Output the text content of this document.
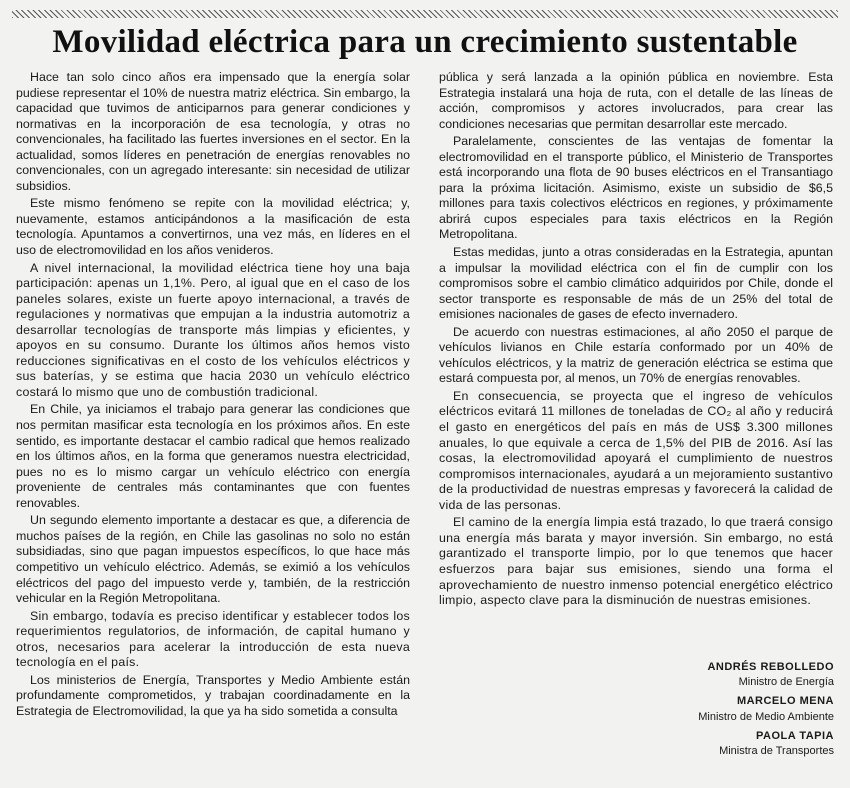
Movilidad eléctrica para un crecimiento sustentable

Hace tan solo cinco años era impensado que la energía solar pudiese representar el 10% de nuestra matriz eléctrica. Sin embargo, la capacidad que tuvimos de anticiparnos para generar condiciones y normativas en la incorporación de esa tecnología, y otras no convencionales, ha facilitado las fuertes inversiones en el sector. En la actualidad, somos líderes en penetración de energías renovables no convencionales, con un agregado interesante: sin necesidad de utilizar subsidios.

Este mismo fenómeno se repite con la movilidad eléctrica; y, nuevamente, estamos anticipándonos a la masificación de esta tecnología. Apuntamos a convertirnos, una vez más, en líderes en el uso de electromovilidad en los años venideros.

A nivel internacional, la movilidad eléctrica tiene hoy una baja participación: apenas un 1,1%. Pero, al igual que en el caso de los paneles solares, existe un fuerte apoyo internacional, a través de regulaciones y normativas que empujan a la industria automotriz a desarrollar tecnologías de transporte más limpias y eficientes, y apoyos en su consumo. Durante los últimos años hemos visto reducciones significativas en el costo de los vehículos eléctricos y sus baterías, y se estima que hacia 2030 un vehículo eléctrico costará lo mismo que uno de combustión tradicional.

En Chile, ya iniciamos el trabajo para generar las condiciones que nos permitan masificar esta tecnología en los próximos años. En este sentido, es importante destacar el cambio radical que hemos realizado en los últimos años, en la forma que generamos nuestra electricidad, pues no es lo mismo cargar un vehículo eléctrico con energía proveniente de centrales más contaminantes que con fuentes renovables.

Un segundo elemento importante a destacar es que, a diferencia de muchos países de la región, en Chile las gasolinas no solo no están subsidiadas, sino que pagan impuestos específicos, lo que hace más competitivo un vehículo eléctrico. Además, se eximió a los vehículos eléctricos del pago del impuesto verde y, también, de la restricción vehicular en la Región Metropolitana.

Sin embargo, todavía es preciso identificar y establecer todos los requerimientos regulatorios, de información, de capital humano y otros, necesarios para acelerar la introducción de esta nueva tecnología en el país.

Los ministerios de Energía, Transportes y Medio Ambiente están profundamente comprometidos, y trabajan coordinadamente en la Estrategia de Electromovilidad, la que ya ha sido sometida a consulta

pública y será lanzada a la opinión pública en noviembre. Esta Estrategia instalará una hoja de ruta, con el detalle de las líneas de acción, compromisos y actores involucrados, para crear las condiciones necesarias que permitan desarrollar este mercado.

Paralelamente, conscientes de las ventajas de fomentar la electromovilidad en el transporte público, el Ministerio de Transportes está incorporando una flota de 90 buses eléctricos en el Transantiago para la próxima licitación. Asimismo, existe un subsidio de $6,5 millones para taxis colectivos eléctricos en regiones, y próximamente abrirá cupos especiales para taxis eléctricos en la Región Metropolitana.

Estas medidas, junto a otras consideradas en la Estrategia, apuntan a impulsar la movilidad eléctrica con el fin de cumplir con los compromisos sobre el cambio climático adquiridos por Chile, donde el sector transporte es responsable de más de un 25% del total de emisiones nacionales de gases de efecto invernadero.

De acuerdo con nuestras estimaciones, al año 2050 el parque de vehículos livianos en Chile estaría conformado por un 40% de vehículos eléctricos, y la matriz de generación eléctrica se estima que estará compuesta por, al menos, un 70% de energías renovables.

En consecuencia, se proyecta que el ingreso de vehículos eléctricos evitará 11 millones de toneladas de CO₂ al año y reducirá el gasto en energéticos del país en más de US$ 3.300 millones anuales, lo que equivale a cerca de 1,5% del PIB de 2016. Así las cosas, la electromovilidad apoyará el cumplimiento de nuestros compromisos internacionales, ayudará a un mejoramiento sustantivo de la productividad de nuestras empresas y favorecerá la calidad de vida de las personas.

El camino de la energía limpia está trazado, lo que traerá consigo una energía más barata y mayor inversión. Sin embargo, no está garantizado el transporte limpio, por lo que tenemos que hacer esfuerzos para bajar sus emisiones, siendo una forma el aprovechamiento de nuestro inmenso potencial energético eléctrico limpio, aspecto clave para la disminución de nuestras emisiones.

ANDRÉS REBOLLEDO
Ministro de Energía
MARCELO MENA
Ministro de Medio Ambiente
PAOLA TAPIA
Ministra de Transportes
